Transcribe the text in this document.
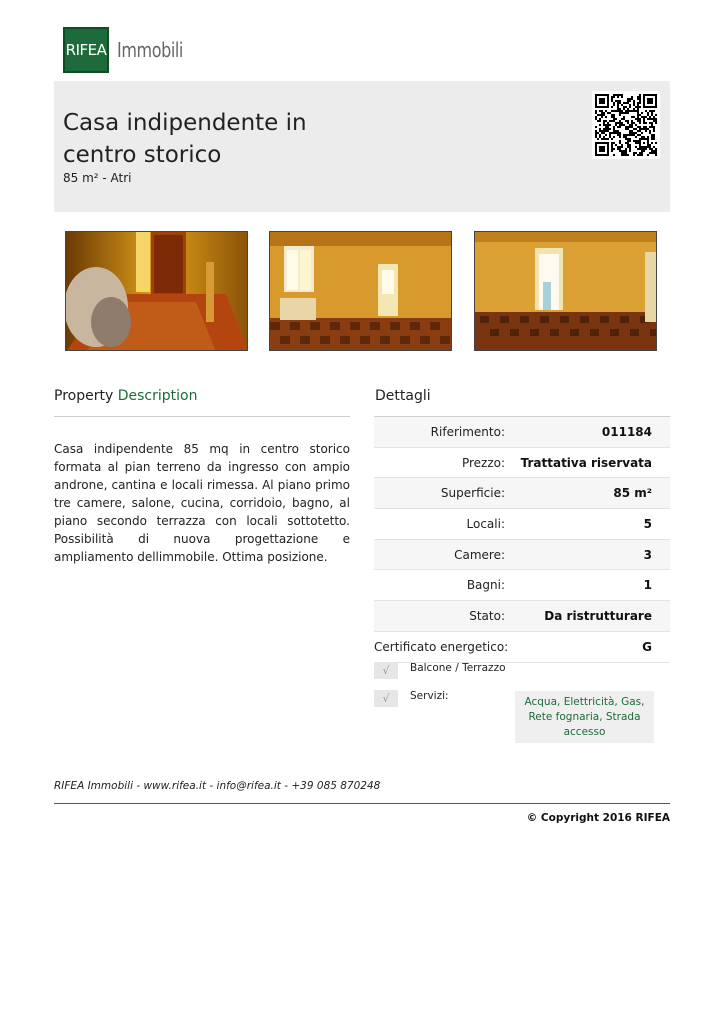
RIFEA Immobili
Casa indipendente in centro storico
85 m² - Atri
Property Description
Casa indipendente 85 mq in centro storico formata al pian terreno da ingresso con ampio androne, cantina e locali rimessa. Al piano primo tre camere, salone, cucina, corridoio, bagno, al piano secondo terrazza con locali sottotetto. Possibilità di nuova progettazione e ampliamento dellimmobile. Ottima posizione.
Dettagli
Riferimento:	011184
Prezzo:	Trattativa riservata
Superficie:	85 m²
Locali:	5
Camere:	3
Bagni:	1
Stato:	Da ristrutturare
Certificato energetico:	G
√	Balcone / Terrazzo
√	Servizi:	Acqua, Elettricità, Gas, Rete fognaria, Strada accesso
RIFEA Immobili - www.rifea.it - info@rifea.it - +39 085 870248
© Copyright 2016 RIFEA
